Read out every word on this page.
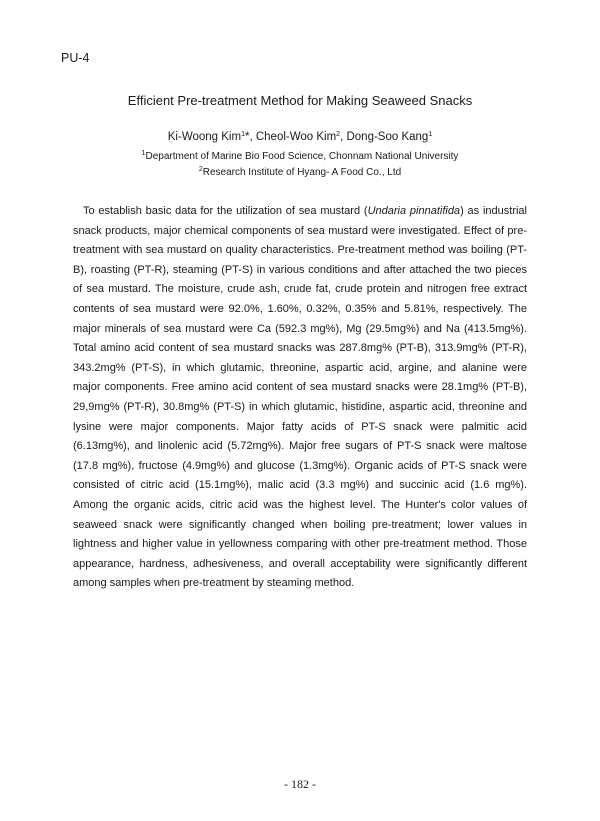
PU-4
Efficient Pre-treatment Method for Making Seaweed Snacks
Ki-Woong Kim$^1$*, Cheol-Woo Kim$^2$, Dong-Soo Kang$^1$
$^1$Department of Marine Bio Food Science, Chonnam National University
$^2$Research Institute of Hyang- A Food Co., Ltd

To establish basic data for the utilization of sea mustard (Undaria pinnatifida) as industrial snack products, major chemical components of sea mustard were investigated. Effect of pre-treatment with sea mustard on quality characteristics. Pre-treatment method was boiling (PT-B), roasting (PT-R), steaming (PT-S) in various conditions and after attached the two pieces of sea mustard. The moisture, crude ash, crude fat, crude protein and nitrogen free extract contents of sea mustard were 92.0%, 1.60%, 0.32%, 0.35% and 5.81%, respectively. The major minerals of sea mustard were Ca (592.3 mg%), Mg (29.5mg%) and Na (413.5mg%). Total amino acid content of sea mustard snacks was 287.8mg% (PT-B), 313.9mg% (PT-R), 343.2mg% (PT-S), in which glutamic, threonine, aspartic acid, argine, and alanine were major components. Free amino acid content of sea mustard snacks were 28.1mg% (PT-B), 29,9mg% (PT-R), 30.8mg% (PT-S) in which glutamic, histidine, aspartic acid, threonine and lysine were major components. Major fatty acids of PT-S snack were palmitic acid (6.13mg%), and linolenic acid (5.72mg%). Major free sugars of PT-S snack were maltose (17.8 mg%), fructose (4.9mg%) and glucose (1.3mg%). Organic acids of PT-S snack were consisted of citric acid (15.1mg%), malic acid (3.3 mg%) and succinic acid (1.6 mg%). Among the organic acids, citric acid was the highest level. The Hunter's color values of seaweed snack were significantly changed when boiling pre-treatment; lower values in lightness and higher value in yellowness comparing with other pre-treatment method. Those appearance, hardness, adhesiveness, and overall acceptability were significantly different among samples when pre-treatment by steaming method.

- 182 -
